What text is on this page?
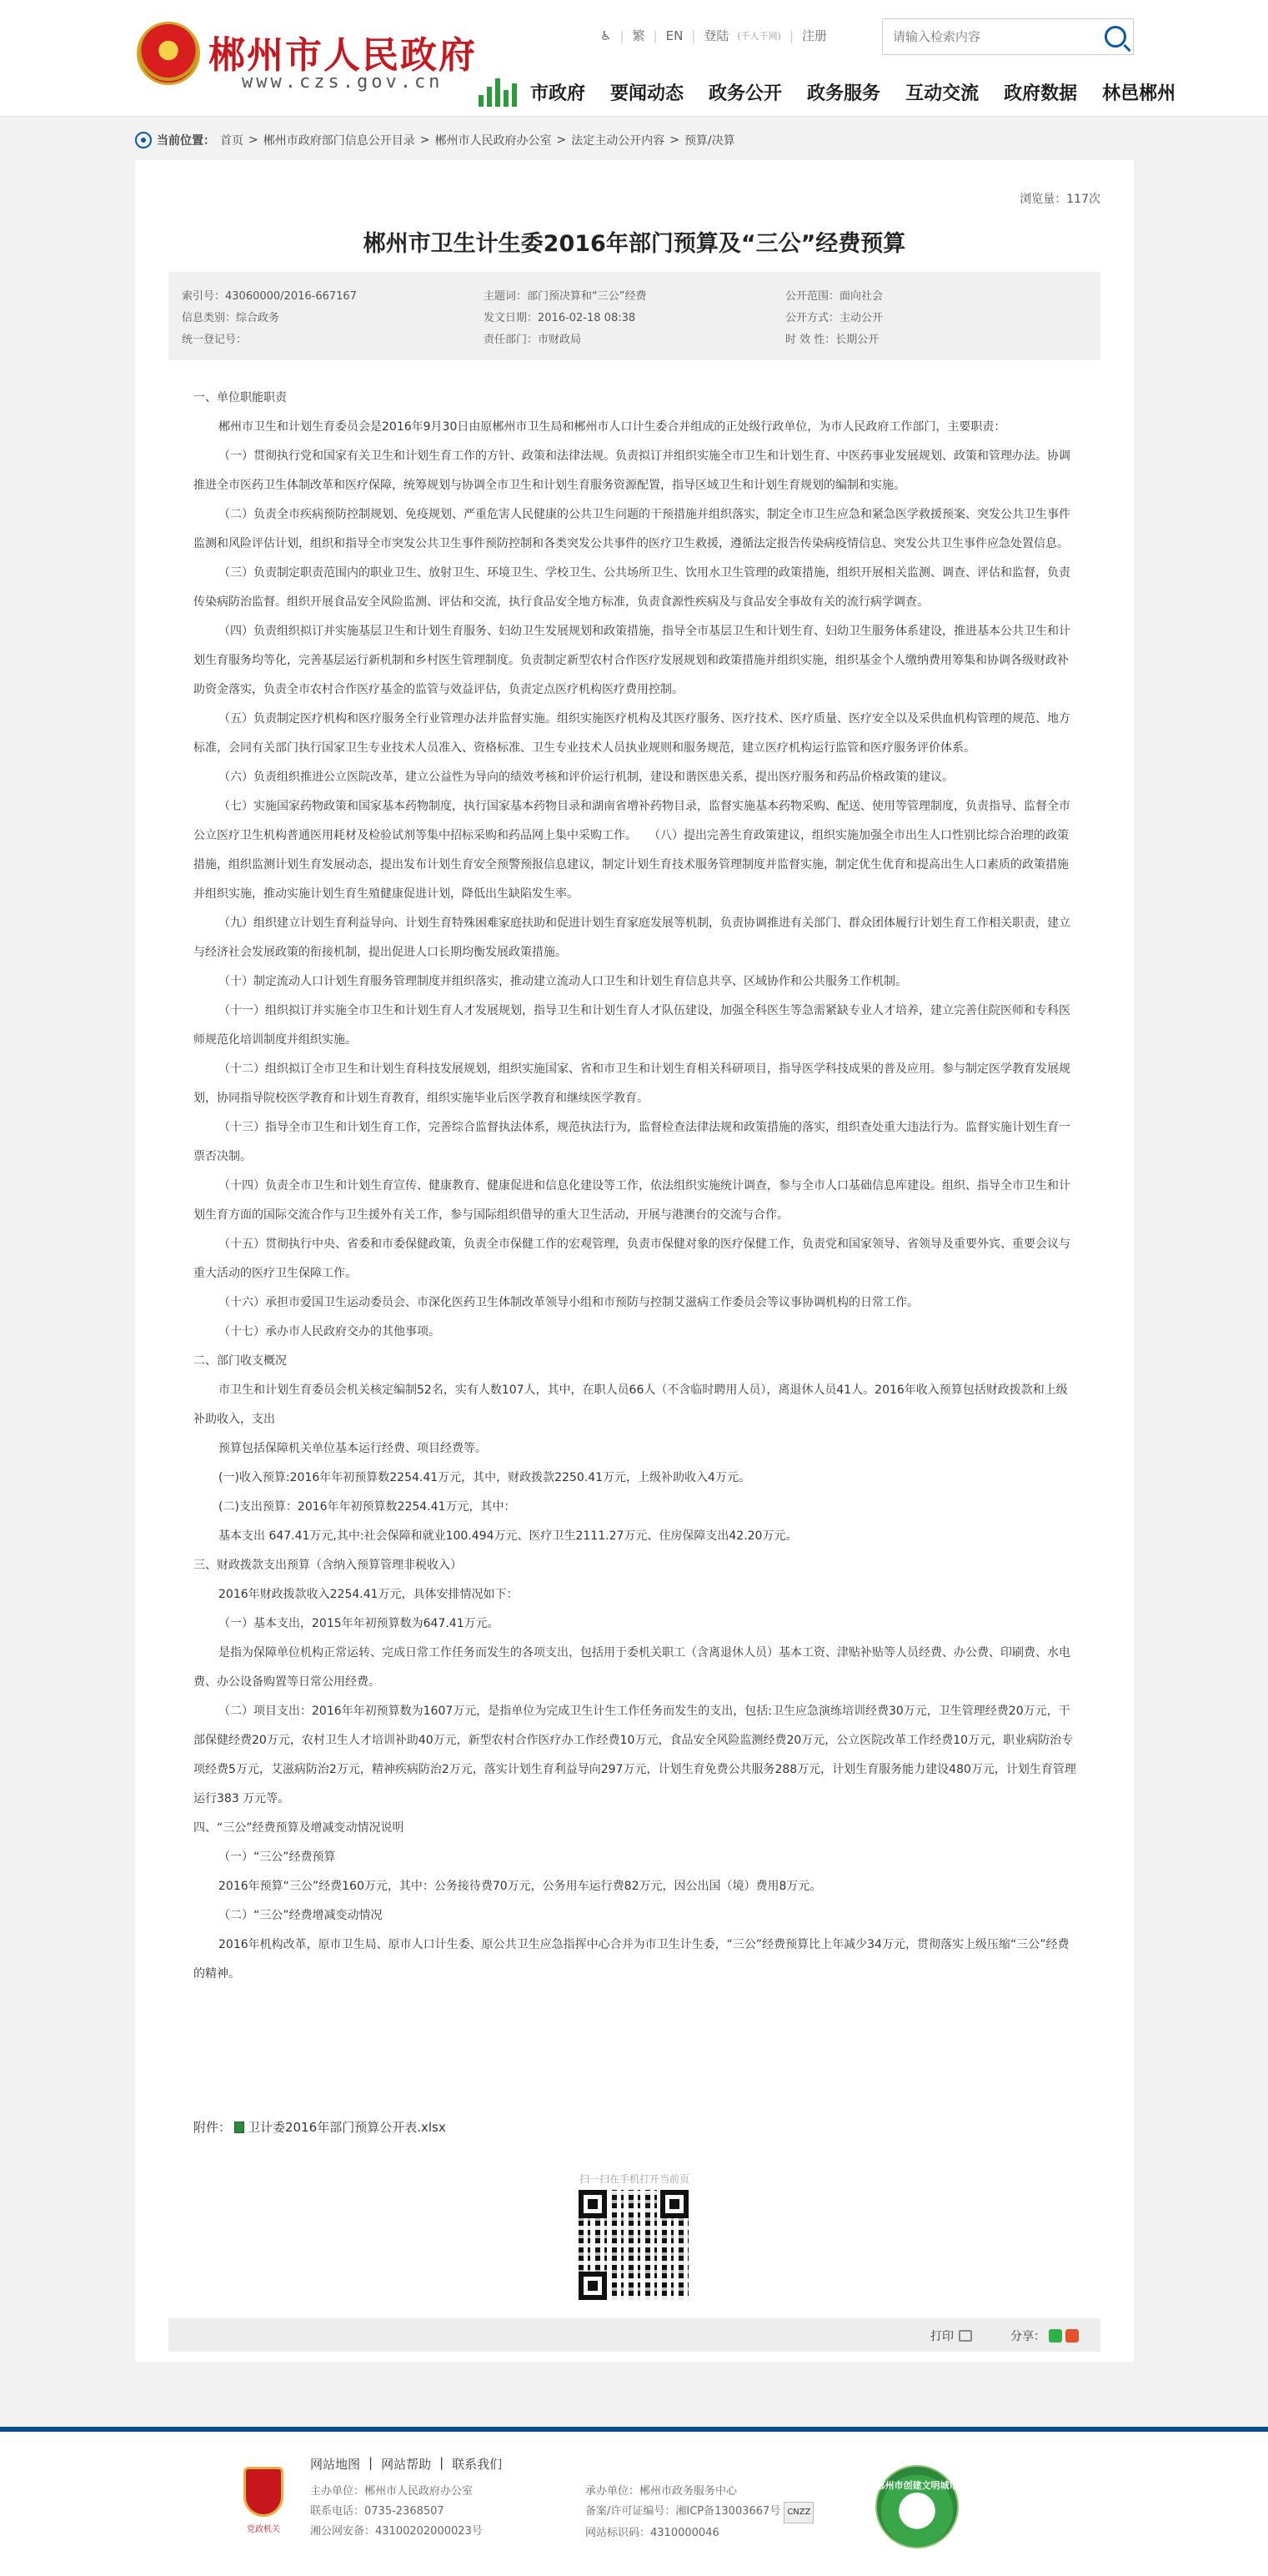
郴州市人民政府
www.czs.gov.cn
♿ | 繁 | EN | 登陆 (千人千网) | 注册
请输入检索内容
市政府 要闻动态 政务公开 政务服务 互动交流 政府数据 林邑郴州
当前位置： 首页 > 郴州市政府部门信息公开目录 > 郴州市人民政府办公室 > 法定主动公开内容 > 预算/决算
浏览量：117次
郴州市卫生计生委2016年部门预算及“三公”经费预算
索引号：43060000/2016-667167	主题词：部门预决算和“三公”经费	公开范围：面向社会
信息类别：综合政务	发文日期：2016-02-18 08:38	公开方式：主动公开
统一登记号：	责任部门：市财政局	时 效 性：长期公开

一、单位职能职责

郴州市卫生和计划生育委员会是2016年9月30日由原郴州市卫生局和郴州市人口计生委合并组成的正处级行政单位，为市人民政府工作部门，主要职责：

（一）贯彻执行党和国家有关卫生和计划生育工作的方针、政策和法律法规。负责拟订并组织实施全市卫生和计划生育、中医药事业发展规划、政策和管理办法。协调推进全市医药卫生体制改革和医疗保障，统筹规划与协调全市卫生和计划生育服务资源配置，指导区域卫生和计划生育规划的编制和实施。

（二）负责全市疾病预防控制规划、免疫规划、严重危害人民健康的公共卫生问题的干预措施并组织落实，制定全市卫生应急和紧急医学救援预案、突发公共卫生事件监测和风险评估计划，组织和指导全市突发公共卫生事件预防控制和各类突发公共事件的医疗卫生救援，遵循法定报告传染病疫情信息、突发公共卫生事件应急处置信息。

（三）负责制定职责范围内的职业卫生、放射卫生、环境卫生、学校卫生、公共场所卫生、饮用水卫生管理的政策措施，组织开展相关监测、调查、评估和监督，负责传染病防治监督。组织开展食品安全风险监测、评估和交流，执行食品安全地方标准，负责食源性疾病及与食品安全事故有关的流行病学调查。

（四）负责组织拟订并实施基层卫生和计划生育服务、妇幼卫生发展规划和政策措施，指导全市基层卫生和计划生育、妇幼卫生服务体系建设，推进基本公共卫生和计划生育服务均等化，完善基层运行新机制和乡村医生管理制度。负责制定新型农村合作医疗发展规划和政策措施并组织实施，组织基金个人缴纳费用筹集和协调各级财政补助资金落实，负责全市农村合作医疗基金的监管与效益评估，负责定点医疗机构医疗费用控制。

（五）负责制定医疗机构和医疗服务全行业管理办法并监督实施。组织实施医疗机构及其医疗服务、医疗技术、医疗质量、医疗安全以及采供血机构管理的规范、地方标准，会同有关部门执行国家卫生专业技术人员准入、资格标准、卫生专业技术人员执业规则和服务规范，建立医疗机构运行监管和医疗服务评价体系。

（六）负责组织推进公立医院改革，建立公益性为导向的绩效考核和评价运行机制，建设和谐医患关系，提出医疗服务和药品价格政策的建议。

（七）实施国家药物政策和国家基本药物制度，执行国家基本药物目录和湖南省增补药物目录，监督实施基本药物采购、配送、使用等管理制度，负责指导、监督全市公立医疗卫生机构普通医用耗材及检验试剂等集中招标采购和药品网上集中采购工作。　　（八）提出完善生育政策建议，组织实施加强全市出生人口性别比综合治理的政策措施，组织监测计划生育发展动态，提出发布计划生育安全预警预报信息建议，制定计划生育技术服务管理制度并监督实施，制定优生优育和提高出生人口素质的政策措施并组织实施，推动实施计划生育生殖健康促进计划，降低出生缺陷发生率。

（九）组织建立计划生育利益导向、计划生育特殊困难家庭扶助和促进计划生育家庭发展等机制，负责协调推进有关部门、群众团体履行计划生育工作相关职责，建立与经济社会发展政策的衔接机制，提出促进人口长期均衡发展政策措施。

（十）制定流动人口计划生育服务管理制度并组织落实，推动建立流动人口卫生和计划生育信息共享、区域协作和公共服务工作机制。

（十一）组织拟订并实施全市卫生和计划生育人才发展规划，指导卫生和计划生育人才队伍建设，加强全科医生等急需紧缺专业人才培养，建立完善住院医师和专科医师规范化培训制度并组织实施。

（十二）组织拟订全市卫生和计划生育科技发展规划，组织实施国家、省和市卫生和计划生育相关科研项目，指导医学科技成果的普及应用。参与制定医学教育发展规划，协同指导院校医学教育和计划生育教育，组织实施毕业后医学教育和继续医学教育。

（十三）指导全市卫生和计划生育工作，完善综合监督执法体系，规范执法行为，监督检查法律法规和政策措施的落实，组织查处重大违法行为。监督实施计划生育一票否决制。

（十四）负责全市卫生和计划生育宣传、健康教育、健康促进和信息化建设等工作，依法组织实施统计调查，参与全市人口基础信息库建设。组织、指导全市卫生和计划生育方面的国际交流合作与卫生援外有关工作，参与国际组织借导的重大卫生活动，开展与港澳台的交流与合作。

（十五）贯彻执行中央、省委和市委保健政策，负责全市保健工作的宏观管理，负责市保健对象的医疗保健工作，负责党和国家领导、省领导及重要外宾、重要会议与重大活动的医疗卫生保障工作。

（十六）承担市爱国卫生运动委员会、市深化医药卫生体制改革领导小组和市预防与控制艾滋病工作委员会等议事协调机构的日常工作。

（十七）承办市人民政府交办的其他事项。

二、部门收支概况

市卫生和计划生育委员会机关核定编制52名，实有人数107人，其中，在职人员66人（不含临时聘用人员），离退休人员41人。2016年收入预算包括财政拨款和上级补助收入，支出

预算包括保障机关单位基本运行经费、项目经费等。

(一)收入预算:2016年年初预算数2254.41万元，其中，财政拨款2250.41万元，上级补助收入4万元。

(二)支出预算：2016年年初预算数2254.41万元，其中：

基本支出 647.41万元,其中:社会保障和就业100.494万元、医疗卫生2111.27万元、住房保障支出42.20万元。

三、财政拨款支出预算（含纳入预算管理非税收入）

2016年财政拨款收入2254.41万元，具体安排情况如下：

（一）基本支出，2015年年初预算数为647.41万元。

是指为保障单位机构正常运转、完成日常工作任务而发生的各项支出，包括用于委机关职工（含离退休人员）基本工资、津贴补贴等人员经费、办公费、印刷费、水电费、办公设备购置等日常公用经费。

（二）项目支出：2016年年初预算数为1607万元，是指单位为完成卫生计生工作任务而发生的支出，包括:卫生应急演练培训经费30万元，卫生管理经费20万元，干部保健经费20万元，农村卫生人才培训补助40万元，新型农村合作医疗办工作经费10万元，食品安全风险监测经费20万元，公立医院改革工作经费10万元，职业病防治专项经费5万元，艾滋病防治2万元，精神疾病防治2万元，落实计划生育利益导向297万元，计划生育免费公共服务288万元，计划生育服务能力建设480万元，计划生育管理运行383 万元等。

四、“三公”经费预算及增减变动情况说明

（一）“三公”经费预算

2016年预算“三公”经费160万元，其中：公务接待费70万元，公务用车运行费82万元，因公出国（境）费用8万元。

（二）“三公”经费增减变动情况

2016年机构改革，原市卫生局、原市人口计生委、原公共卫生应急指挥中心合并为市卫生计生委，“三公”经费预算比上年减少34万元，贯彻落实上级压缩“三公”经费的精神。

附件： 卫计委2016年部门预算公开表.xlsx
扫一扫在手机打开当前页
打印	分享：
党政机关
网站地图 | 网站帮助 | 联系我们
主办单位：郴州市人民政府办公室
联系电话：0735-2368507
湘公网安备：43100202000023号
承办单位：郴州市政务服务中心
备案/许可证编号：湘ICP备13003667号 CNZZ
网站标识码：4310000046
郴州市创建文明城市
